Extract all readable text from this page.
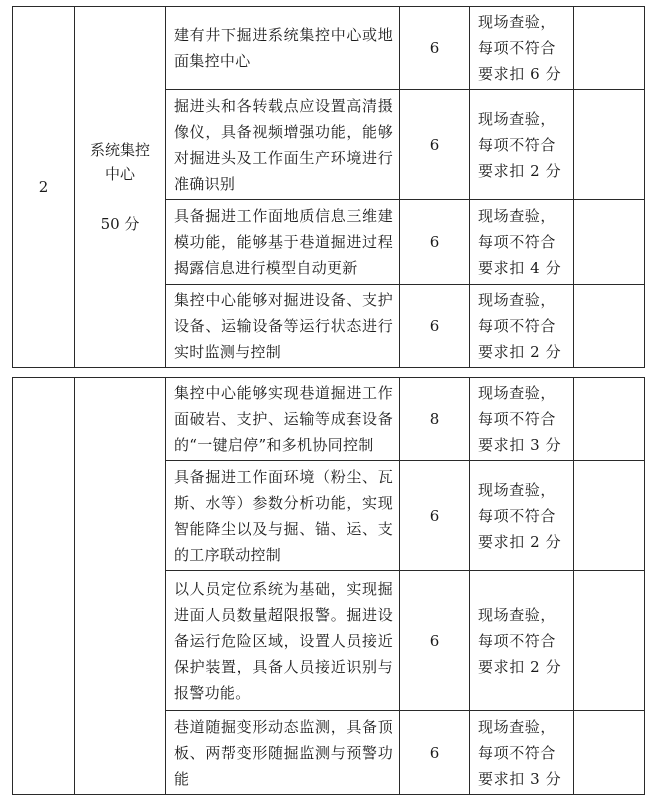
2	系统集控
中心
50 分	建有井下掘进系统集控中心或地面集控中心	6	现场查验，每项不符合要求扣 6 分	

		掘进头和各转载点应设置高清摄像仪，具备视频增强功能，能够对掘进头及工作面生产环境进行准确识别	6	现场查验，每项不符合要求扣 2 分	

		具备掘进工作面地质信息三维建模功能，能够基于巷道掘进过程揭露信息进行模型自动更新	6	现场查验，每项不符合要求扣 4 分	

		集控中心能够对掘进设备、支护设备、运输设备等运行状态进行实时监测与控制	6	现场查验，每项不符合要求扣 2 分	

		集控中心能够实现巷道掘进工作面破岩、支护、运输等成套设备的“一键启停”和多机协同控制	8	现场查验，每项不符合要求扣 3 分	

		具备掘进工作面环境（粉尘、瓦斯、水等）参数分析功能，实现智能降尘以及与掘、锚、运、支的工序联动控制	6	现场查验，每项不符合要求扣 2 分	

		以人员定位系统为基础，实现掘进面人员数量超限报警。掘进设备运行危险区域，设置人员接近保护装置，具备人员接近识别与报警功能。	6	现场查验，每项不符合要求扣 2 分	

		巷道随掘变形动态监测，具备顶板、两帮变形随掘监测与预警功能	6	现场查验，每项不符合要求扣 3 分	
